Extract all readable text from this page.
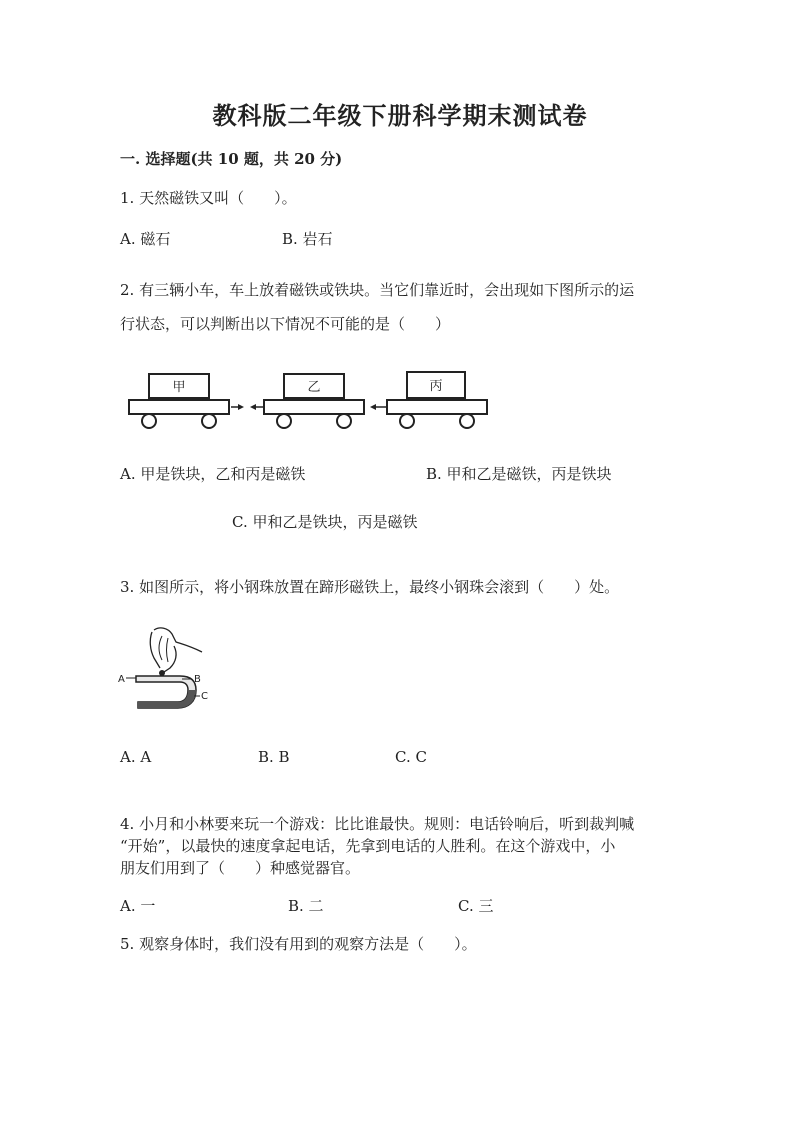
教科版二年级下册科学期末测试卷
一. 选择题(共 10 题，共 20 分)
1. 天然磁铁又叫（　　）。
A. 磁石	B. 岩石
2. 有三辆小车，车上放着磁铁或铁块。当它们靠近时，会出现如下图所示的运
行状态，可以判断出以下情况不可能的是（　　）
甲	乙	丙
A. 甲是铁块，乙和丙是磁铁	B. 甲和乙是磁铁，丙是铁块
C. 甲和乙是铁块，丙是磁铁
3. 如图所示，将小钢珠放置在蹄形磁铁上，最终小钢珠会滚到（　　）处。
A	B
C
A. A	B. B	C. C
4. 小月和小林要来玩一个游戏：比比谁最快。规则：电话铃响后，听到裁判喊
“开始”，以最快的速度拿起电话，先拿到电话的人胜利。在这个游戏中，小
朋友们用到了（　　）种感觉器官。
A. 一	B. 二	C. 三
5. 观察身体时，我们没有用到的观察方法是（　　）。
